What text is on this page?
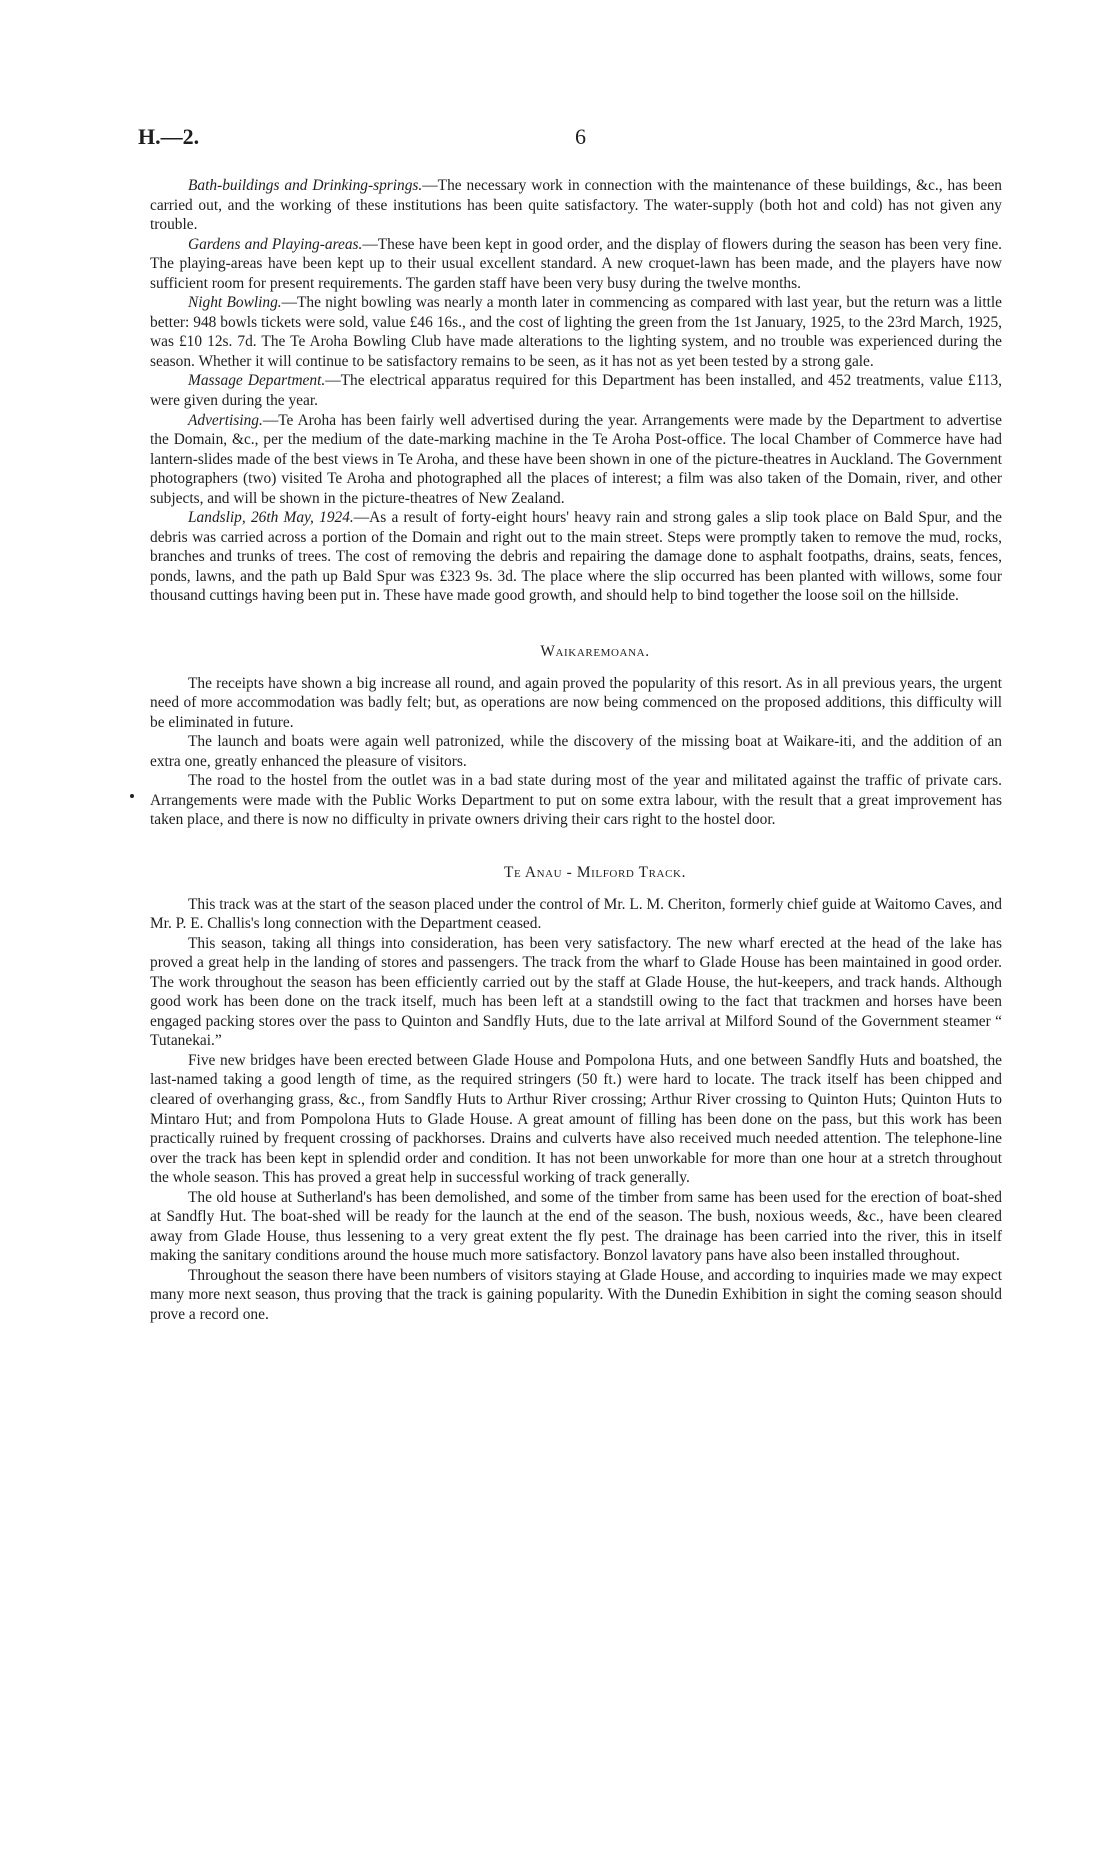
H.—2.	6

Bath-buildings and Drinking-springs.—The necessary work in connection with the maintenance of these buildings, &c., has been carried out, and the working of these institutions has been quite satisfactory. The water-supply (both hot and cold) has not given any trouble.

Gardens and Playing-areas.—These have been kept in good order, and the display of flowers during the season has been very fine. The playing-areas have been kept up to their usual excellent standard. A new croquet-lawn has been made, and the players have now sufficient room for present requirements. The garden staff have been very busy during the twelve months.

Night Bowling.—The night bowling was nearly a month later in commencing as compared with last year, but the return was a little better: 948 bowls tickets were sold, value £46 16s., and the cost of lighting the green from the 1st January, 1925, to the 23rd March, 1925, was £10 12s. 7d. The Te Aroha Bowling Club have made alterations to the lighting system, and no trouble was experienced during the season. Whether it will continue to be satisfactory remains to be seen, as it has not as yet been tested by a strong gale.

Massage Department.—The electrical apparatus required for this Department has been installed, and 452 treatments, value £113, were given during the year.

Advertising.—Te Aroha has been fairly well advertised during the year. Arrangements were made by the Department to advertise the Domain, &c., per the medium of the date-marking machine in the Te Aroha Post-office. The local Chamber of Commerce have had lantern-slides made of the best views in Te Aroha, and these have been shown in one of the picture-theatres in Auckland. The Government photographers (two) visited Te Aroha and photographed all the places of interest; a film was also taken of the Domain, river, and other subjects, and will be shown in the picture-theatres of New Zealand.

Landslip, 26th May, 1924.—As a result of forty-eight hours' heavy rain and strong gales a slip took place on Bald Spur, and the debris was carried across a portion of the Domain and right out to the main street. Steps were promptly taken to remove the mud, rocks, branches and trunks of trees. The cost of removing the debris and repairing the damage done to asphalt footpaths, drains, seats, fences, ponds, lawns, and the path up Bald Spur was £323 9s. 3d. The place where the slip occurred has been planted with willows, some four thousand cuttings having been put in. These have made good growth, and should help to bind together the loose soil on the hillside.

Waikaremoana.

The receipts have shown a big increase all round, and again proved the popularity of this resort. As in all previous years, the urgent need of more accommodation was badly felt; but, as operations are now being commenced on the proposed additions, this difficulty will be eliminated in future.

The launch and boats were again well patronized, while the discovery of the missing boat at Waikare-iti, and the addition of an extra one, greatly enhanced the pleasure of visitors.

The road to the hostel from the outlet was in a bad state during most of the year and militated against the traffic of private cars. Arrangements were made with the Public Works Department to put on some extra labour, with the result that a great improvement has taken place, and there is now no difficulty in private owners driving their cars right to the hostel door.

Te Anau - Milford Track.

This track was at the start of the season placed under the control of Mr. L. M. Cheriton, formerly chief guide at Waitomo Caves, and Mr. P. E. Challis's long connection with the Department ceased.

This season, taking all things into consideration, has been very satisfactory. The new wharf erected at the head of the lake has proved a great help in the landing of stores and passengers. The track from the wharf to Glade House has been maintained in good order. The work throughout the season has been efficiently carried out by the staff at Glade House, the hut-keepers, and track hands. Although good work has been done on the track itself, much has been left at a standstill owing to the fact that trackmen and horses have been engaged packing stores over the pass to Quinton and Sandfly Huts, due to the late arrival at Milford Sound of the Government steamer “ Tutanekai.”

Five new bridges have been erected between Glade House and Pompolona Huts, and one between Sandfly Huts and boatshed, the last-named taking a good length of time, as the required stringers (50 ft.) were hard to locate. The track itself has been chipped and cleared of overhanging grass, &c., from Sandfly Huts to Arthur River crossing; Arthur River crossing to Quinton Huts; Quinton Huts to Mintaro Hut; and from Pompolona Huts to Glade House. A great amount of filling has been done on the pass, but this work has been practically ruined by frequent crossing of packhorses. Drains and culverts have also received much needed attention. The telephone-line over the track has been kept in splendid order and condition. It has not been unworkable for more than one hour at a stretch throughout the whole season. This has proved a great help in successful working of track generally.

The old house at Sutherland's has been demolished, and some of the timber from same has been used for the erection of boat-shed at Sandfly Hut. The boat-shed will be ready for the launch at the end of the season. The bush, noxious weeds, &c., have been cleared away from Glade House, thus lessening to a very great extent the fly pest. The drainage has been carried into the river, this in itself making the sanitary conditions around the house much more satisfactory. Bonzol lavatory pans have also been installed throughout.

Throughout the season there have been numbers of visitors staying at Glade House, and according to inquiries made we may expect many more next season, thus proving that the track is gaining popularity. With the Dunedin Exhibition in sight the coming season should prove a record one.
